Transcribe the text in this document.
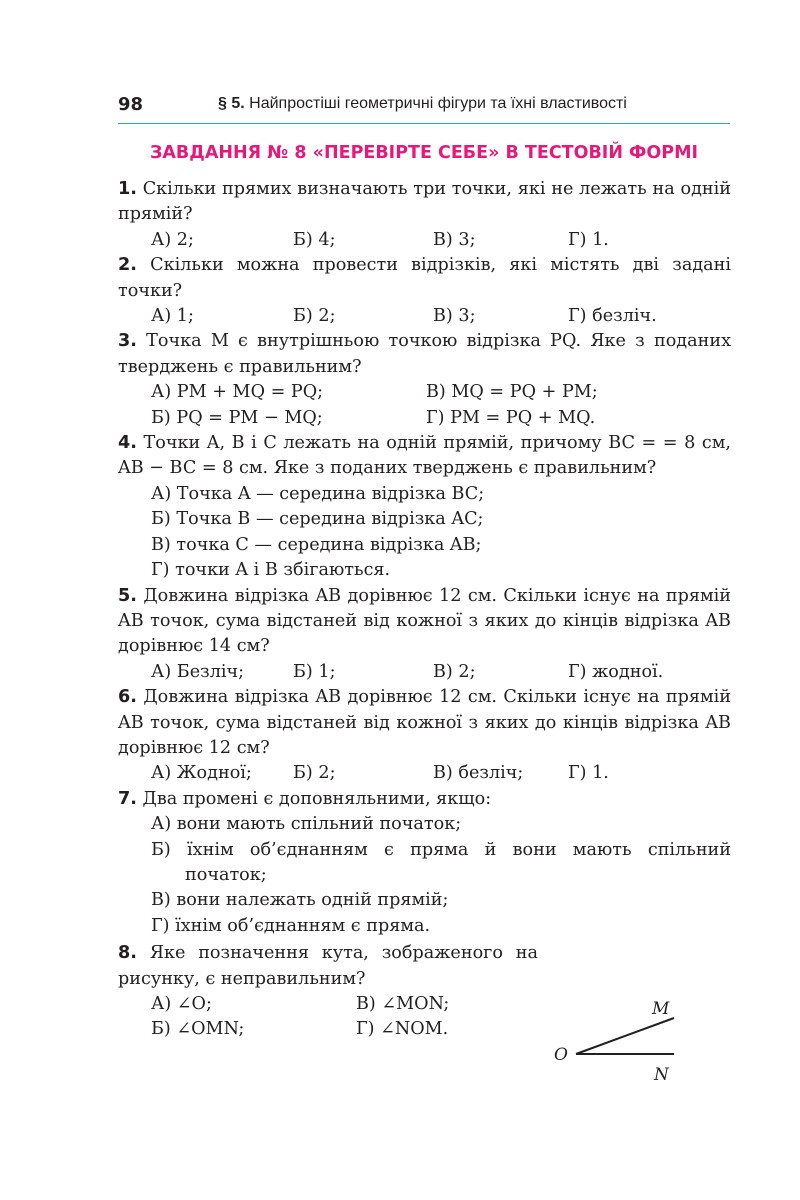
98	§ 5. Найпростіші геометричні фігури та їхні властивості
ЗАВДАННЯ № 8 «ПЕРЕВІРТЕ СЕБЕ» В ТЕСТОВІЙ ФОРМІ
1. Скільки прямих визначають три точки, які не лежать на одній прямій?
А) 2;	Б) 4;	В) 3;	Г) 1.
2. Скільки можна провести відрізків, які містять дві задані точки?
А) 1;	Б) 2;	В) 3;	Г) безліч.
3. Точка M є внутрішньою точкою відрізка PQ. Яке з поданих тверджень є правильним?
А) PM + MQ = PQ;	В) MQ = PQ + PM;
Б) PQ = PM − MQ;	Г) PM = PQ + MQ.
4. Точки A, B і C лежать на одній прямій, причому BC = = 8 см, AB − BC = 8 см. Яке з поданих тверджень є правильним?
А) Точка A — середина відрізка BC;
Б) Точка B — середина відрізка AC;
В) точка C — середина відрізка AB;
Г) точки A і B збігаються.
5. Довжина відрізка AB дорівнює 12 см. Скільки існує на прямій AB точок, сума відстаней від кожної з яких до кінців відрізка AB дорівнює 14 см?
А) Безліч;	Б) 1;	В) 2;	Г) жодної.
6. Довжина відрізка AB дорівнює 12 см. Скільки існує на прямій AB точок, сума відстаней від кожної з яких до кінців відрізка AB дорівнює 12 см?
А) Жодної;	Б) 2;	В) безліч;	Г) 1.
7. Два промені є доповняльними, якщо:
А) вони мають спільний початок;
Б) їхнім об’єднанням є пряма й вони мають спільний початок;
В) вони належать одній прямій;
Г) їхнім об’єднанням є пряма.
8. Яке позначення кута, зображеного на рисунку, є неправильним?
А) ∠O;	В) ∠MON;
Б) ∠OMN;	Г) ∠NOM.
O
M
N
